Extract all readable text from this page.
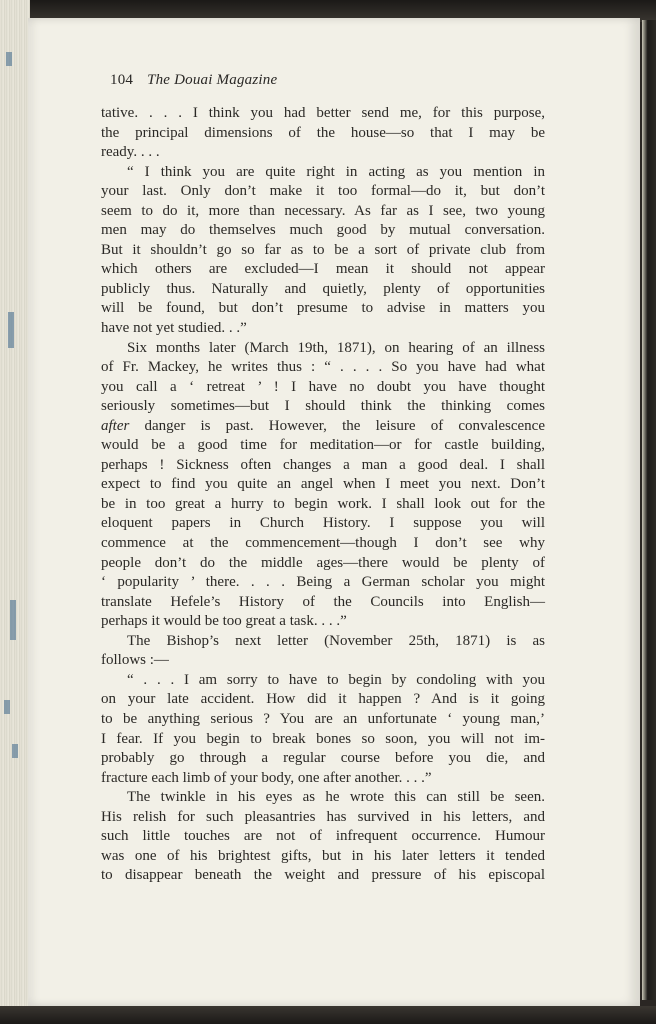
104 The Douai Magazine
tative. . . . I think you had better send me, for this purpose,
the principal dimensions of the house—so that I may be
ready. . . .
“ I think you are quite right in acting as you mention in
your last. Only don’t make it too formal—do it, but don’t
seem to do it, more than necessary. As far as I see, two young
men may do themselves much good by mutual conversation.
But it shouldn’t go so far as to be a sort of private club from
which others are excluded—I mean it should not appear
publicly thus. Naturally and quietly, plenty of opportunities
will be found, but don’t presume to advise in matters you
have not yet studied. . .”
Six months later (March 19th, 1871), on hearing of an illness
of Fr. Mackey, he writes thus : “ . . . . So you have had what
you call a ‘ retreat ’ ! I have no doubt you have thought
seriously sometimes—but I should think the thinking comes
after danger is past. However, the leisure of convalescence
would be a good time for meditation—or for castle building,
perhaps ! Sickness often changes a man a good deal. I shall
expect to find you quite an angel when I meet you next. Don’t
be in too great a hurry to begin work. I shall look out for the
eloquent papers in Church History. I suppose you will
commence at the commencement—though I don’t see why
people don’t do the middle ages—there would be plenty of
‘ popularity ’ there. . . . Being a German scholar you might
translate Hefele’s History of the Councils into English—
perhaps it would be too great a task. . . .”
The Bishop’s next letter (November 25th, 1871) is as
follows :—
“ . . . I am sorry to have to begin by condoling with you
on your late accident. How did it happen ? And is it going
to be anything serious ? You are an unfortunate ‘ young man,’
I fear. If you begin to break bones so soon, you will not im-
probably go through a regular course before you die, and
fracture each limb of your body, one after another. . . .”
The twinkle in his eyes as he wrote this can still be seen.
His relish for such pleasantries has survived in his letters, and
such little touches are not of infrequent occurrence. Humour
was one of his brightest gifts, but in his later letters it tended
to disappear beneath the weight and pressure of his episcopal
